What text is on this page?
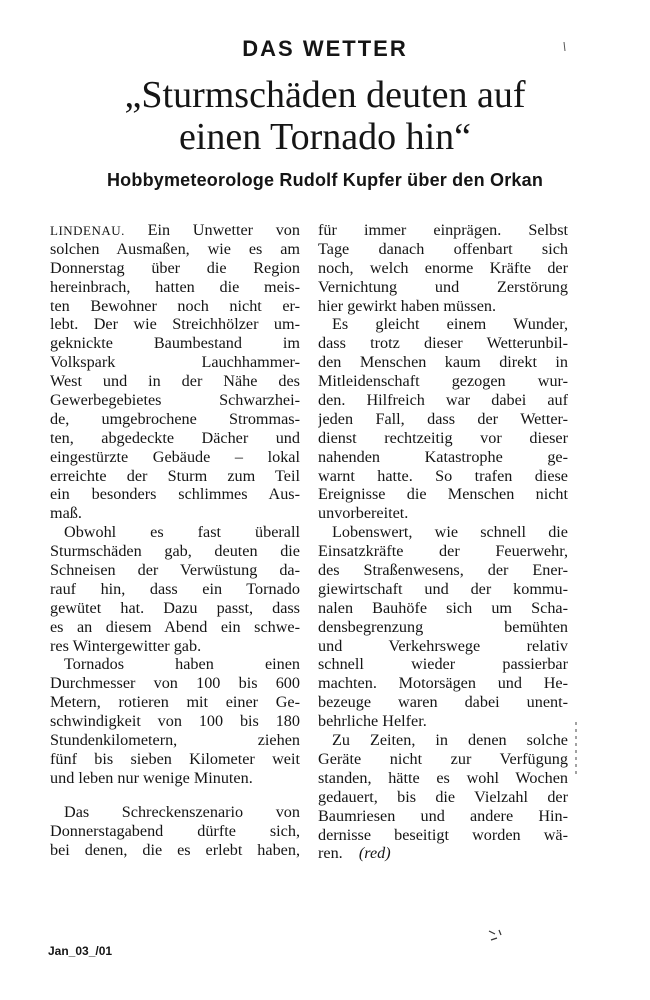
DAS WETTER
„Sturmschäden deuten auf
einen Tornado hin“
Hobbymeteorologe Rudolf Kupfer über den Orkan
LINDENAU. Ein Unwetter von
solchen Ausmaßen, wie es am
Donnerstag über die Region
hereinbrach, hatten die meis-
ten Bewohner noch nicht er-
lebt. Der wie Streichhölzer um-
geknickte Baumbestand im
Volkspark Lauchhammer-
West und in der Nähe des
Gewerbegebietes Schwarzhei-
de, umgebrochene Strommas-
ten, abgedeckte Dächer und
eingestürzte Gebäude – lokal
erreichte der Sturm zum Teil
ein besonders schlimmes Aus-
maß.
Obwohl es fast überall
Sturmschäden gab, deuten die
Schneisen der Verwüstung da-
rauf hin, dass ein Tornado
gewütet hat. Dazu passt, dass
es an diesem Abend ein schwe-
res Wintergewitter gab.
Tornados haben einen
Durchmesser von 100 bis 600
Metern, rotieren mit einer Ge-
schwindigkeit von 100 bis 180
Stundenkilometern, ziehen
fünf bis sieben Kilometer weit
und leben nur wenige Minuten.
Das Schreckenszenario von
Donnerstagabend dürfte sich,
bei denen, die es erlebt haben,
für immer einprägen. Selbst
Tage danach offenbart sich
noch, welch enorme Kräfte der
Vernichtung und Zerstörung
hier gewirkt haben müssen.
Es gleicht einem Wunder,
dass trotz dieser Wetterunbil-
den Menschen kaum direkt in
Mitleidenschaft gezogen wur-
den. Hilfreich war dabei auf
jeden Fall, dass der Wetter-
dienst rechtzeitig vor dieser
nahenden Katastrophe ge-
warnt hatte. So trafen diese
Ereignisse die Menschen nicht
unvorbereitet.
Lobenswert, wie schnell die
Einsatzkräfte der Feuerwehr,
des Straßenwesens, der Ener-
giewirtschaft und der kommu-
nalen Bauhöfe sich um Scha-
densbegrenzung bemühten
und Verkehrswege relativ
schnell wieder passierbar
machten. Motorsägen und He-
bezeuge waren dabei unent-
behrliche Helfer.
Zu Zeiten, in denen solche
Geräte nicht zur Verfügung
standen, hätte es wohl Wochen
gedauert, bis die Vielzahl der
Baumriesen und andere Hin-
dernisse beseitigt worden wä-
ren. (red)
Jan_03_/01
